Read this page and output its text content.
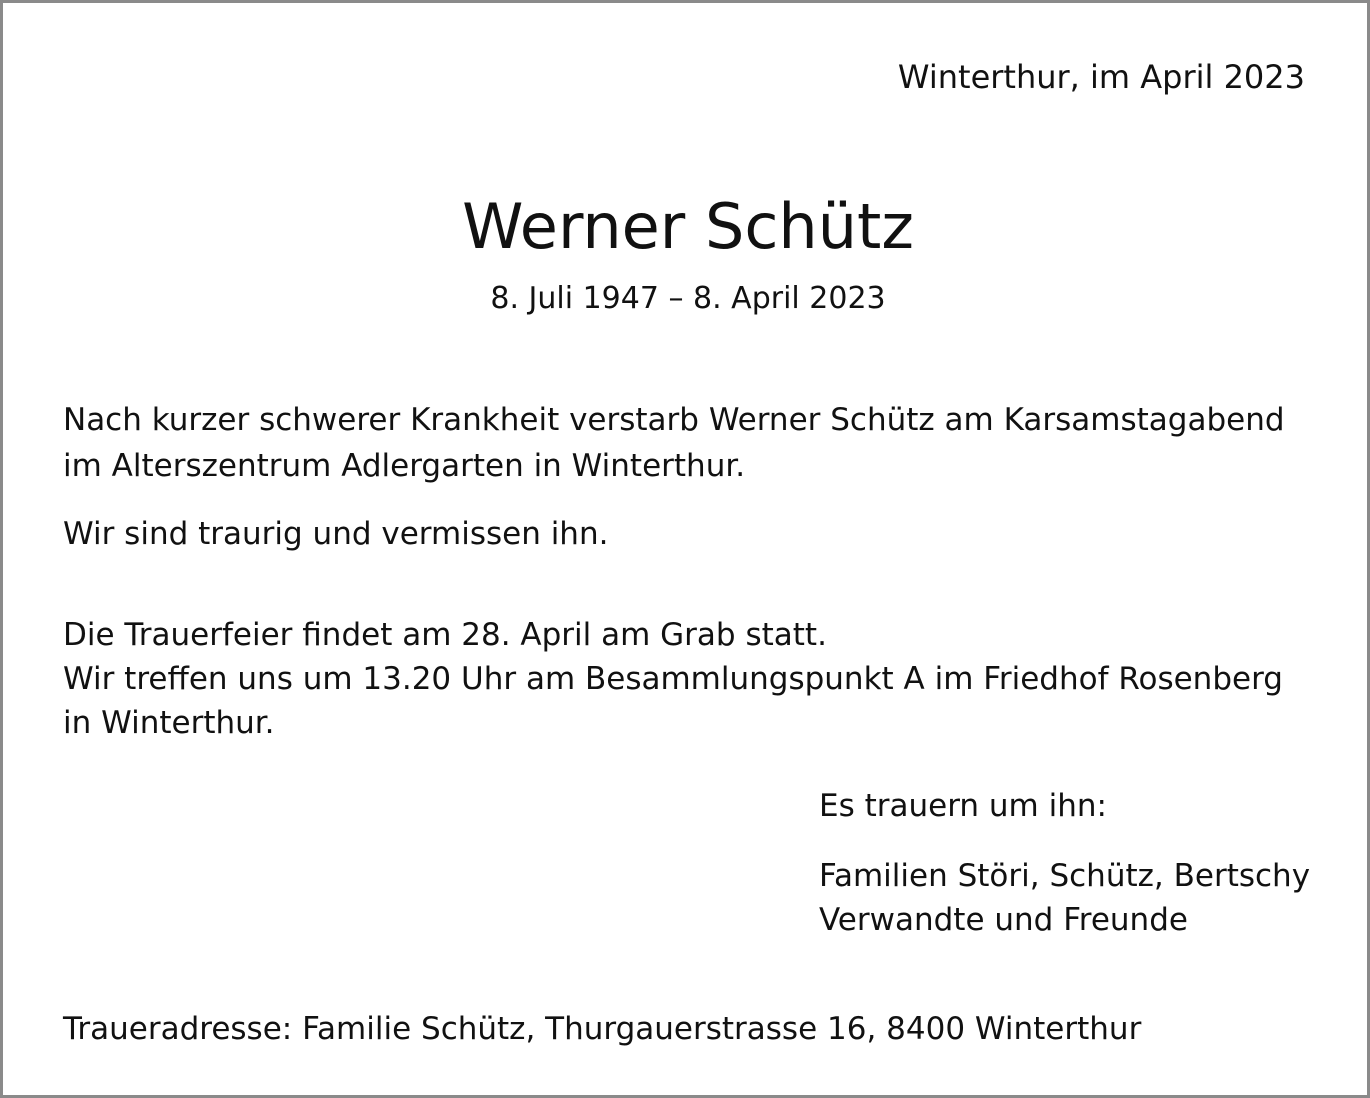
Winterthur, im April 2023
Werner Schütz
8. Juli 1947 – 8. April 2023
Nach kurzer schwerer Krankheit verstarb Werner Schütz am Karsamstagabend
im Alterszentrum Adlergarten in Winterthur.
Wir sind traurig und vermissen ihn.
Die Trauerfeier findet am 28. April am Grab statt.
Wir treffen uns um 13.20 Uhr am Besammlungspunkt A im Friedhof Rosenberg
in Winterthur.
Es trauern um ihn:
Familien Störi, Schütz, Bertschy
Verwandte und Freunde
Traueradresse: Familie Schütz, Thurgauerstrasse 16, 8400 Winterthur
